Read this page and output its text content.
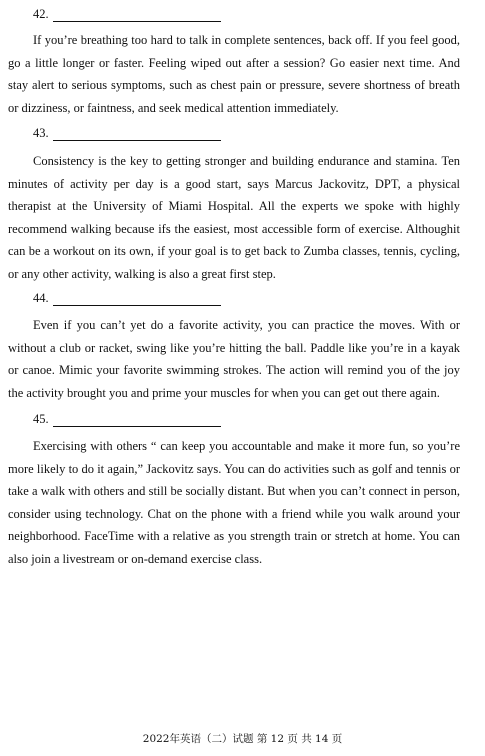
42.

If you’re breathing too hard to talk in complete sentences, back off. If you feel good, go a little longer or faster. Feeling wiped out after a session? Go easier next time. And stay alert to serious symptoms, such as chest pain or pressure, severe shortness of breath or dizziness, or faintness, and seek medical attention immediately.

43.

Consistency is the key to getting stronger and building endurance and stamina. Ten minutes of activity per day is a good start, says Marcus Jackovitz, DPT, a physical therapist at the University of Miami Hospital. All the experts we spoke with highly recommend walking because ifs the easiest, most accessible form of exercise. Althoughit can be a workout on its own, if your goal is to get back to Zumba classes, tennis, cycling, or any other activity, walking is also a great first step.

44.

Even if you can’t yet do a favorite activity, you can practice the moves. With or without a club or racket, swing like you’re hitting the ball. Paddle like you’re in a kayak or canoe. Mimic your favorite swimming strokes. The action will remind you of the joy the activity brought you and prime your muscles for when you can get out there again.

45.

Exercising with others “ can keep you accountable and make it more fun, so you’re more likely to do it again,” Jackovitz says. You can do activities such as golf and tennis or take a walk with others and still be socially distant. But when you can’t connect in person, consider using technology. Chat on the phone with a friend while you walk around your neighborhood. FaceTime with a relative as you strength train or stretch at home. You can also join a livestream or on-demand exercise class.

2022年英语（二）试题 第 12 页 共 14 页
